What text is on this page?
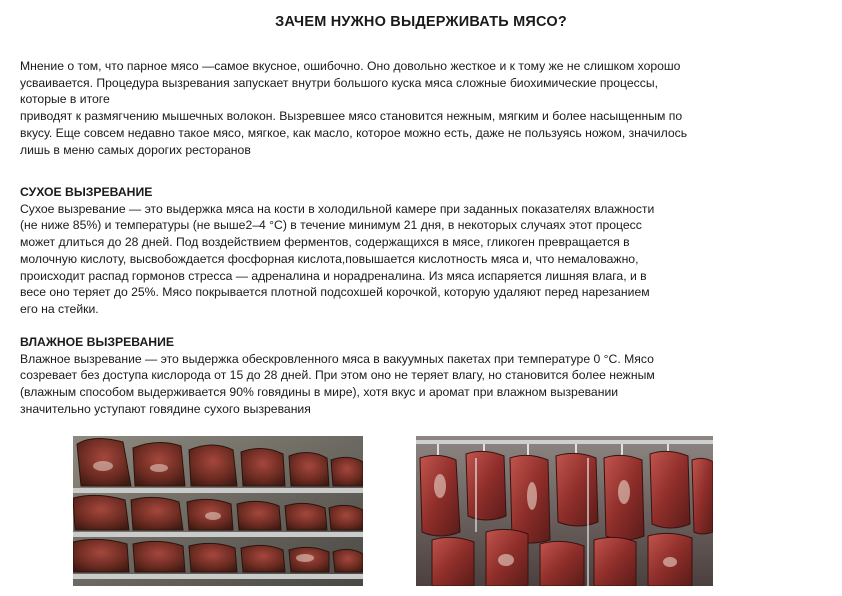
ЗАЧЕМ НУЖНО ВЫДЕРЖИВАТЬ МЯСО?

Мнение о том, что парное мясо —самое вкусное, ошибочно. Оно довольно жесткое и к тому же не слишком хорошо

усваивается. Процедура вызревания запускает внутри большого куска мяса сложные биохимические процессы,

которые в итоге

приводят к размягчению мышечных волокон. Вызревшее мясо становится нежным, мягким и более насыщенным по

вкусу. Еще совсем недавно такое мясо, мягкое, как масло, которое можно есть, даже не пользуясь ножом, значилось

лишь в меню самых дорогих ресторанов

СУХОЕ ВЫЗРЕВАНИЕ

Сухое вызревание — это выдержка мяса на кости в холодильной камере при заданных показателях влажности

(не ниже 85%) и температуры (не выше2–4 °C) в течение минимум 21 дня, в некоторых случаях этот процесс

может длиться до 28 дней. Под воздействием ферментов, содержащихся в мясе, гликоген превращается в

молочную кислоту, высвобождается фосфорная кислота,повышается кислотность мяса и, что немаловажно,

происходит распад гормонов стресса — адреналина и норадреналина. Из мяса испаряется лишняя влага, и в

весе оно теряет до 25%. Мясо покрывается плотной подсохшей корочкой, которую удаляют перед нарезанием

его на стейки.

ВЛАЖНОЕ ВЫЗРЕВАНИЕ

Влажное вызревание — это выдержка обескровленного мяса в вакуумных пакетах при температуре 0 °C. Мясо

созревает без доступа кислорода от 15 до 28 дней. При этом оно не теряет влагу, но становится более нежным

(влажным способом выдерживается 90% говядины в мире), хотя вкус и аромат при влажном вызревании

значительно уступают говядине сухого вызревания
